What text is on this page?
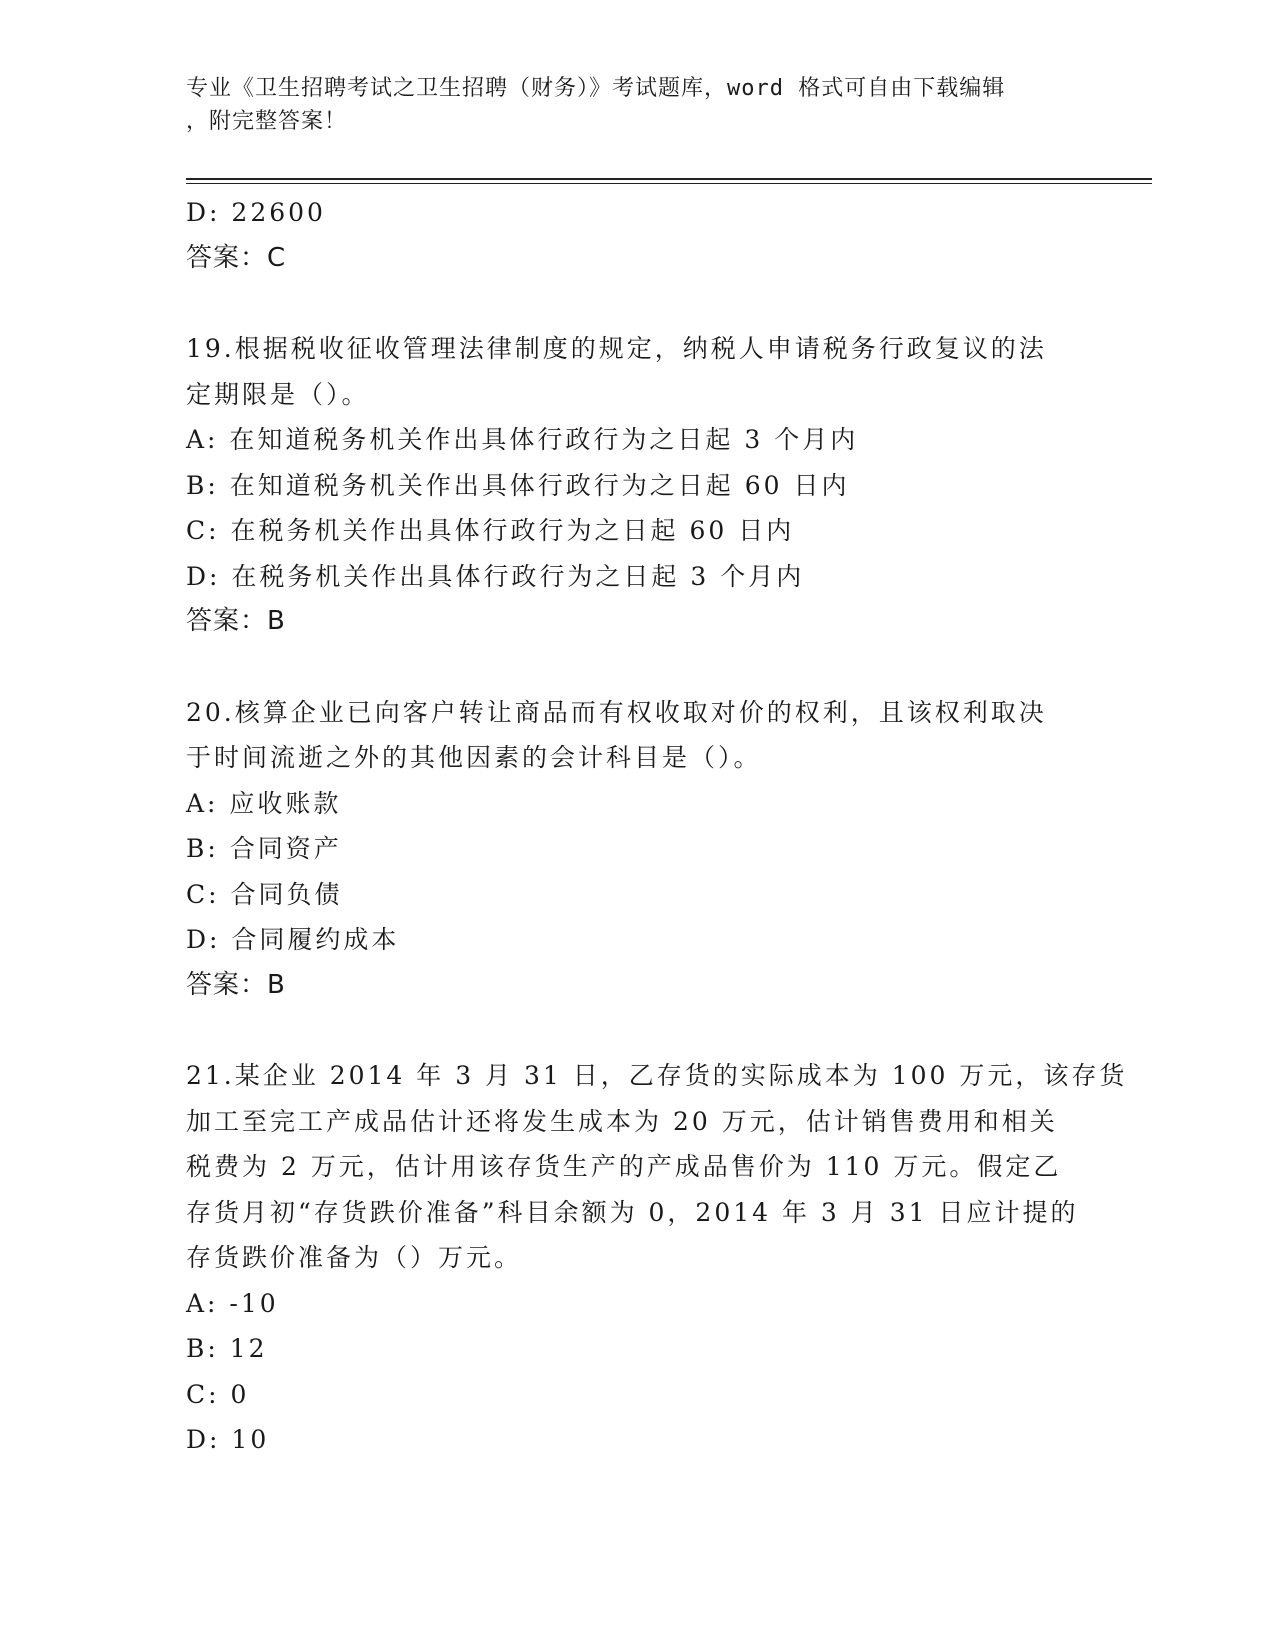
专业《卫生招聘考试之卫生招聘（财务）》考试题库，word 格式可自由下载编辑
，附完整答案！
D: 22600
答案：C
19.根据税收征收管理法律制度的规定，纳税人申请税务行政复议的法
定期限是（）。
A: 在知道税务机关作出具体行政行为之日起 3 个月内
B: 在知道税务机关作出具体行政行为之日起 60 日内
C: 在税务机关作出具体行政行为之日起 60 日内
D: 在税务机关作出具体行政行为之日起 3 个月内
答案：B
20.核算企业已向客户转让商品而有权收取对价的权利，且该权利取决
于时间流逝之外的其他因素的会计科目是（）。
A: 应收账款
B: 合同资产
C: 合同负债
D: 合同履约成本
答案：B
21.某企业 2014 年 3 月 31 日，乙存货的实际成本为 100 万元，该存货
加工至完工产成品估计还将发生成本为 20 万元，估计销售费用和相关
税费为 2 万元，估计用该存货生产的产成品售价为 110 万元。假定乙
存货月初“存货跌价准备”科目余额为 0，2014 年 3 月 31 日应计提的
存货跌价准备为（）万元。
A: -10
B: 12
C: 0
D: 10
